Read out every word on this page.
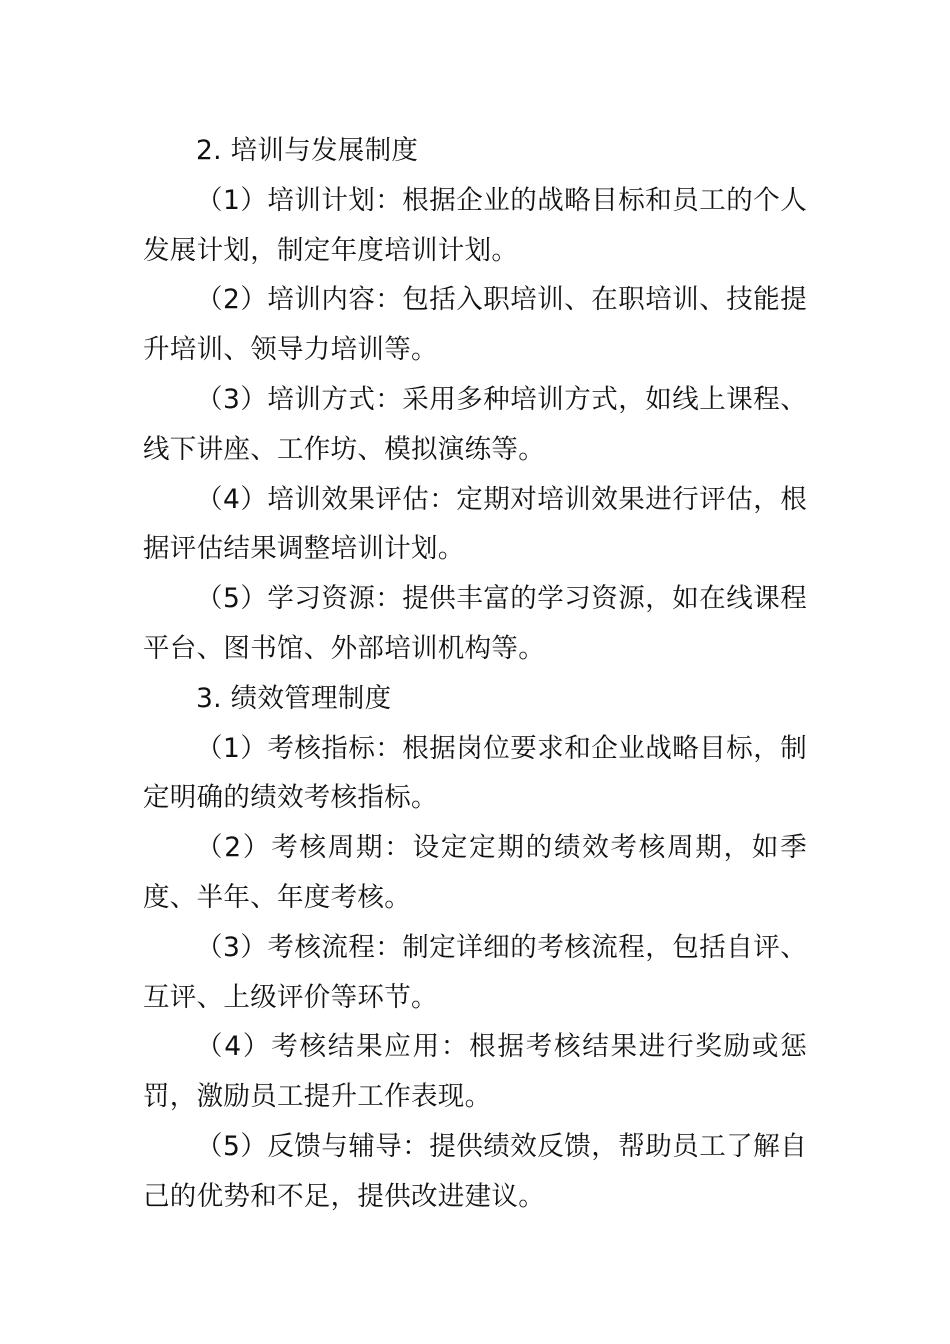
2. 培训与发展制度

（1）培训计划：根据企业的战略目标和员工的个人发展计划，制定年度培训计划。

（2）培训内容：包括入职培训、在职培训、技能提升培训、领导力培训等。

（3）培训方式：采用多种培训方式，如线上课程、线下讲座、工作坊、模拟演练等。

（4）培训效果评估：定期对培训效果进行评估，根据评估结果调整培训计划。

（5）学习资源：提供丰富的学习资源，如在线课程平台、图书馆、外部培训机构等。

3. 绩效管理制度

（1）考核指标：根据岗位要求和企业战略目标，制定明确的绩效考核指标。

（2）考核周期：设定定期的绩效考核周期，如季度、半年、年度考核。

（3）考核流程：制定详细的考核流程，包括自评、互评、上级评价等环节。

（4）考核结果应用：根据考核结果进行奖励或惩罚，激励员工提升工作表现。

（5）反馈与辅导：提供绩效反馈，帮助员工了解自己的优势和不足，提供改进建议。
